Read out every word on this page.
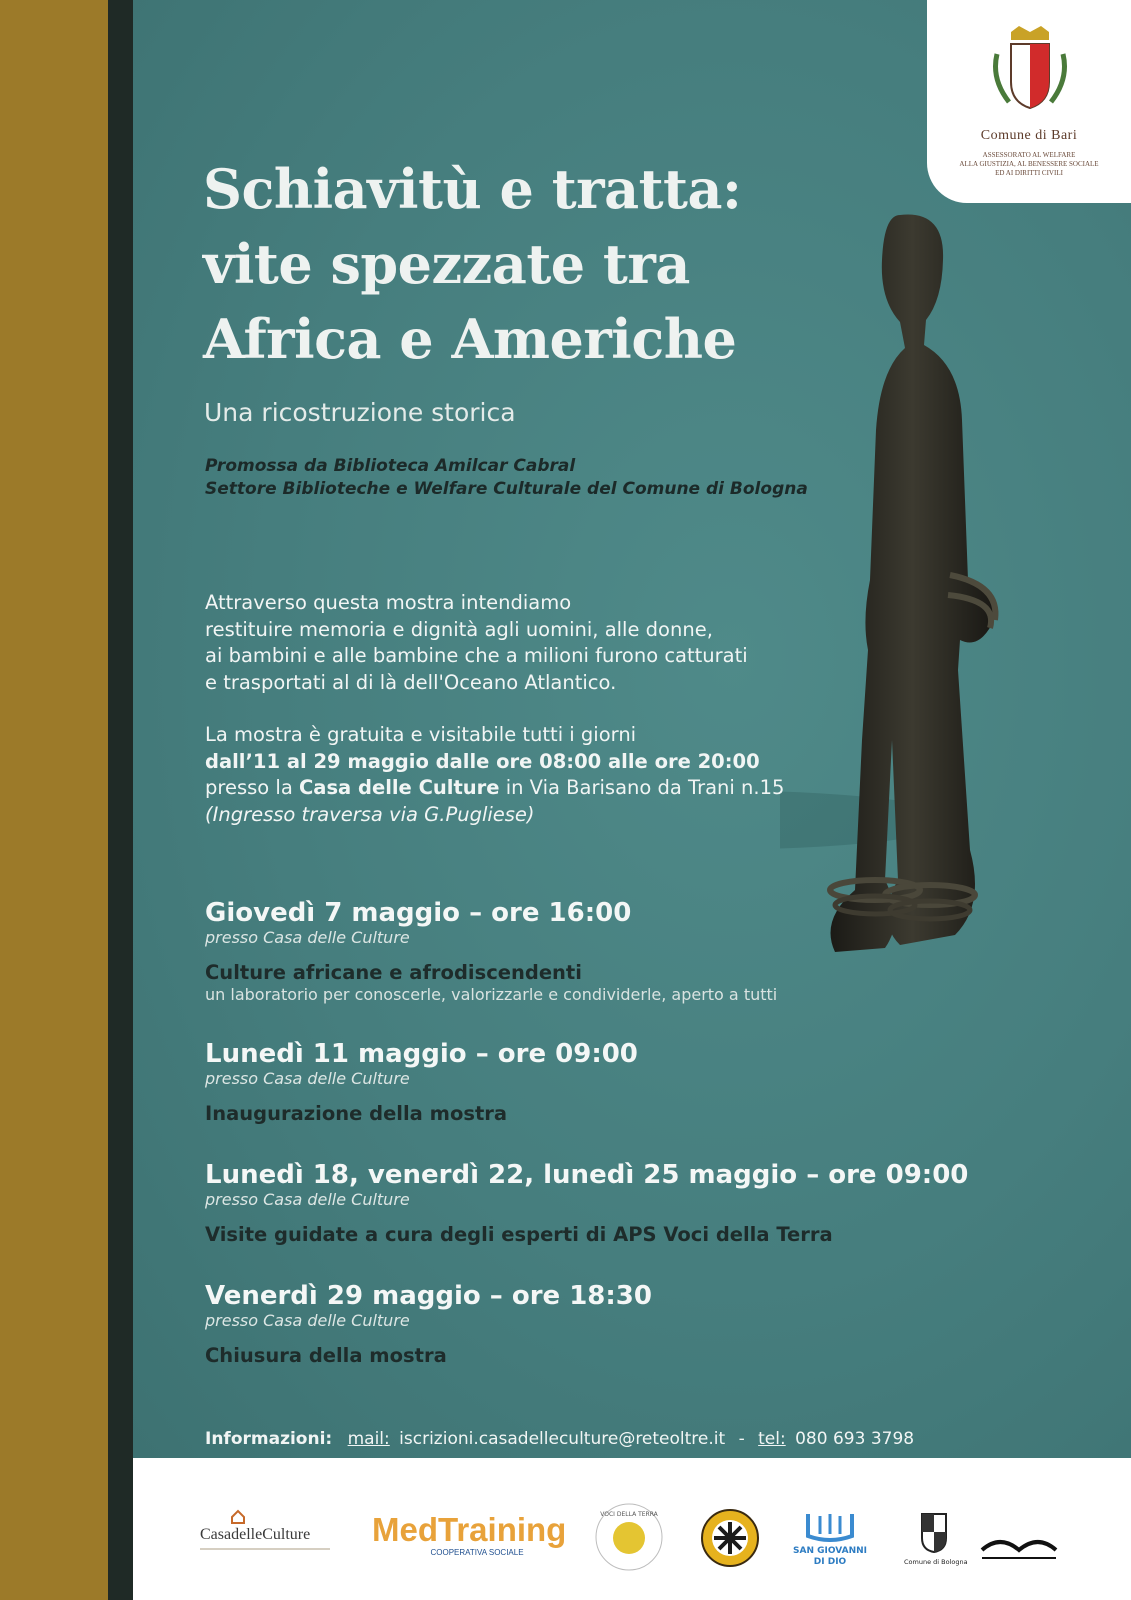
Comune di Bari
ASSESSORATO AL WELFARE
ALLA GIUSTIZIA, AL BENESSERE SOCIALE
ED AI DIRITTI CIVILI
Schiavitù e tratta:
vite spezzate tra
Africa e Americhe
Una ricostruzione storica
Promossa da Biblioteca Amilcar Cabral
Settore Biblioteche e Welfare Culturale del Comune di Bologna
Attraverso questa mostra intendiamo
restituire memoria e dignità agli uomini, alle donne,
ai bambini e alle bambine che a milioni furono catturati
e trasportati al di là dell'Oceano Atlantico.
La mostra è gratuita e visitabile tutti i giorni
dall’11 al 29 maggio dalle ore 08:00 alle ore 20:00
presso la Casa delle Culture in Via Barisano da Trani n.15
(Ingresso traversa via G.Pugliese)
Giovedì 7 maggio – ore 16:00
presso Casa delle Culture
Culture africane e afrodiscendenti
un laboratorio per conoscerle, valorizzarle e condividerle, aperto a tutti
Lunedì 11 maggio – ore 09:00
presso Casa delle Culture
Inaugurazione della mostra
Lunedì 18, venerdì 22, lunedì 25 maggio – ore 09:00
presso Casa delle Culture
Visite guidate a cura degli esperti di APS Voci della Terra
Venerdì 29 maggio – ore 18:30
presso Casa delle Culture
Chiusura della mostra
Informazioni: mail: iscrizioni.casadelleculture@reteoltre.it - tel: 080 693 3798
CasadelleCulture MedTraining
COOPERATIVA SOCIALE
VOCI DELLA TERRA
SAN GIOVANNI DI DIO	Comune di Bologna
